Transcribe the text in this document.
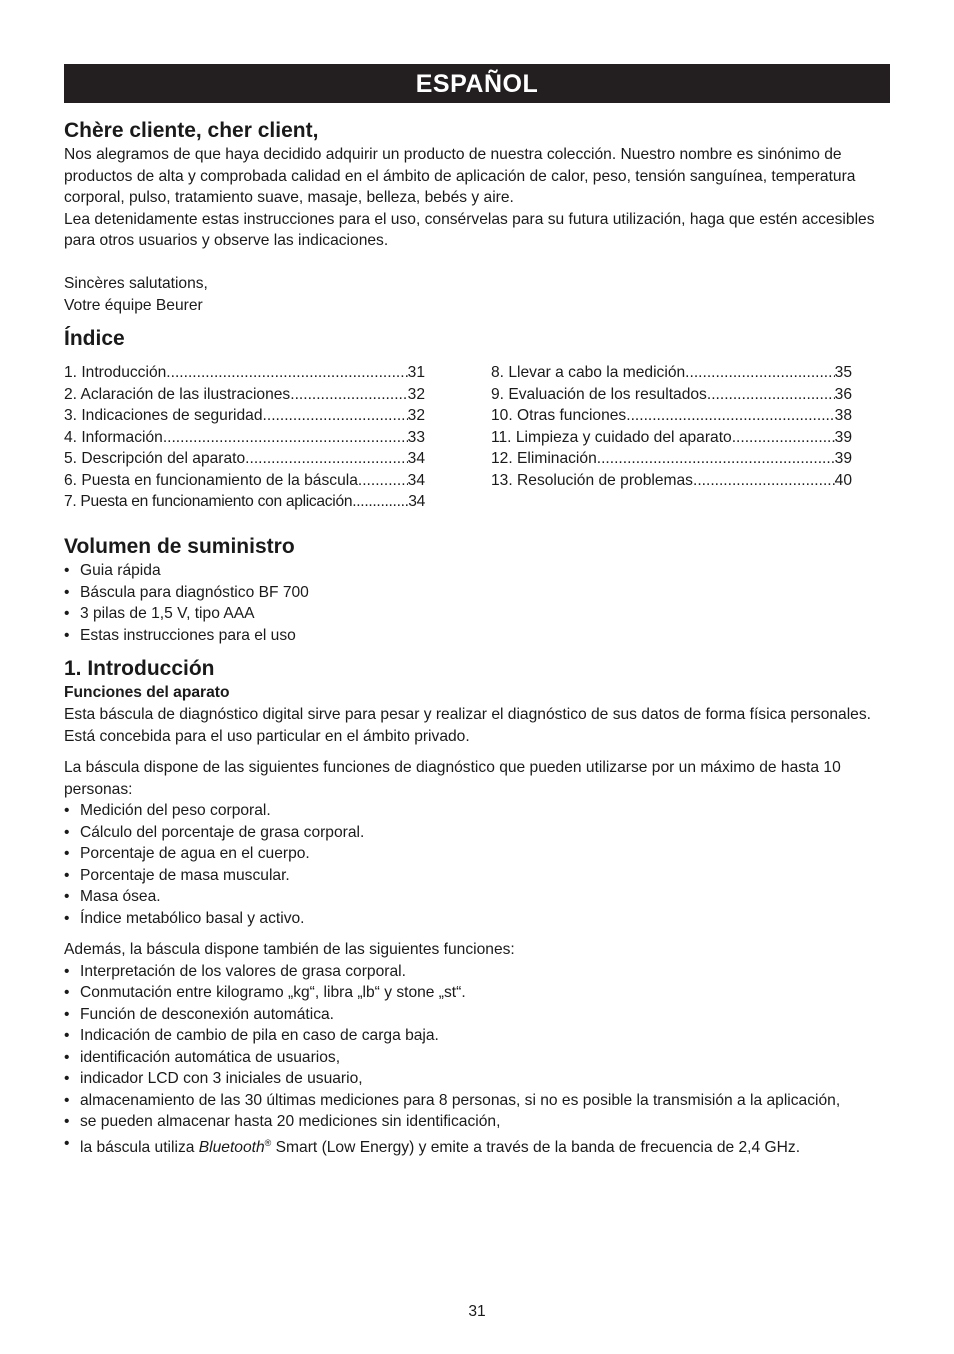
ESPAÑOL
Chère cliente, cher client,

Nos alegramos de que haya decidido adquirir un producto de nuestra colección. Nuestro nombre es sinónimo de productos de alta y comprobada calidad en el ámbito de aplicación de calor, peso, tensión sanguínea, temperatura corporal, pulso, tratamiento suave, masaje, belleza, bebés y aire.

Lea detenidamente estas instrucciones para el uso, consérvelas para su futura utilización, haga que estén accesibles para otros usuarios y observe las indicaciones.

Sincères salutations,

Votre équipe Beurer

Índice
1. Introducción .....	31
2. Aclaración de las ilustraciones .....	32
3. Indicaciones de seguridad .....	32
4. Información .....	33
5. Descripción del aparato .....	34
6. Puesta en funcionamiento de la báscula .....	34
7. Puesta en funcionamiento con aplicación .....	34
8. Llevar a cabo la medición .....	35
9. Evaluación de los resultados .....	36
10. Otras funciones .....	38
11. Limpieza y cuidado del aparato .....	39
12. Eliminación .....	39
13. Resolución de problemas .....	40
Volumen de suministro
• Guia rápida
• Báscula para diagnóstico BF 700
• 3 pilas de 1,5 V, tipo AAA
• Estas instrucciones para el uso
1. Introducción
Funciones del aparato

Esta báscula de diagnóstico digital sirve para pesar y realizar el diagnóstico de sus datos de forma física personales. Está concebida para el uso particular en el ámbito privado.

La báscula dispone de las siguientes funciones de diagnóstico que pueden utilizarse por un máximo de hasta 10 personas:

• Medición del peso corporal.
• Cálculo del porcentaje de grasa corporal.
• Porcentaje de agua en el cuerpo.
• Porcentaje de masa muscular.
• Masa ósea.
• Índice metabólico basal y activo.

Además, la báscula dispone también de las siguientes funciones:

• Interpretación de los valores de grasa corporal.
• Conmutación entre kilogramo „kg“, libra „lb“ y stone „st“.
• Función de desconexión automática.
• Indicación de cambio de pila en caso de carga baja.
• identificación automática de usuarios,
• indicador LCD con 3 iniciales de usuario,
• almacenamiento de las 30 últimas mediciones para 8 personas, si no es posible la transmisión a la aplicación,
• se pueden almacenar hasta 20 mediciones sin identificación,
• la báscula utiliza Bluetooth® Smart (Low Energy) y emite a través de la banda de frecuencia de 2,4 GHz.
31
